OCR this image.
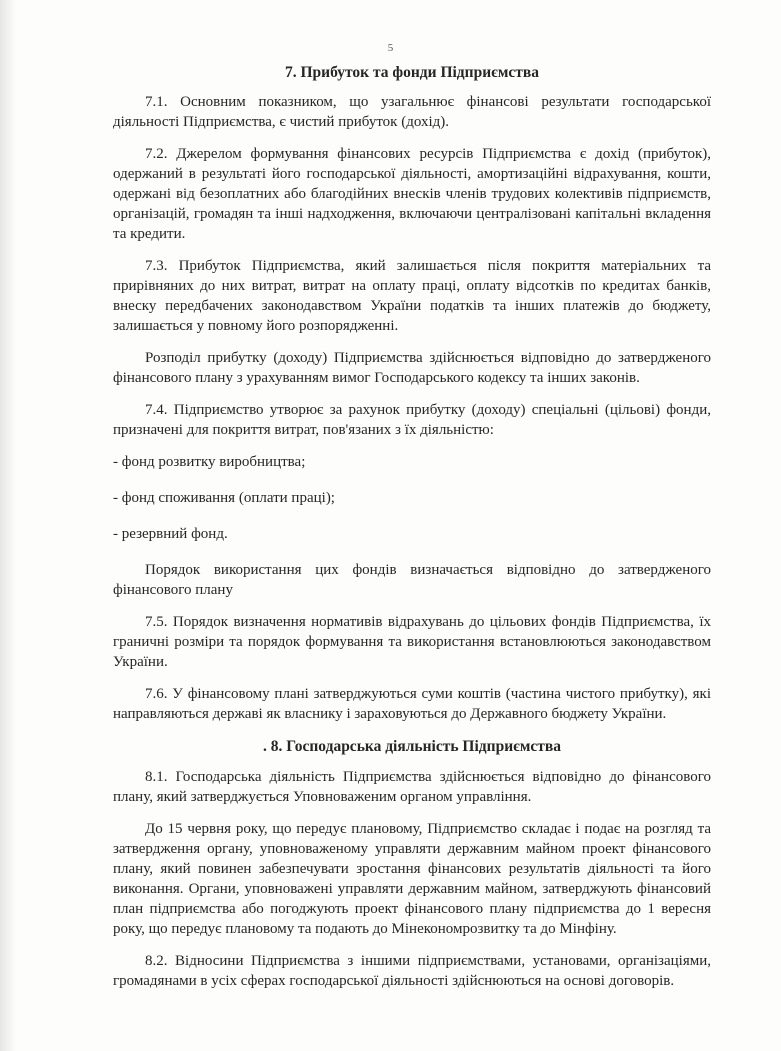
5
7. Прибуток та фонди Підприємства

7.1. Основним показником, що узагальнює фінансові результати господарської діяльності Підприємства, є чистий прибуток (дохід).

7.2. Джерелом формування фінансових ресурсів Підприємства є дохід (прибуток), одержаний в результаті його господарської діяльності, амортизаційні відрахування, кошти, одержані від безоплатних або благодійних внесків членів трудових колективів підприємств, організацій, громадян та інші надходження, включаючи централізовані капітальні вкладення та кредити.

7.3. Прибуток Підприємства, який залишається після покриття матеріальних та прирівняних до них витрат, витрат на оплату праці, оплату відсотків по кредитах банків, внеску передбачених законодавством України податків та інших платежів до бюджету, залишається у повному його розпорядженні.

Розподіл прибутку (доходу) Підприємства здійснюється відповідно до затвердженого фінансового плану з урахуванням вимог Господарського кодексу та інших законів.

7.4. Підприємство утворює за рахунок прибутку (доходу) спеціальні (цільові) фонди, призначені для покриття витрат, пов'язаних з їх діяльністю:

- фонд розвитку виробництва;
- фонд споживання (оплати праці);
- резервний фонд.

Порядок використання цих фондів визначається відповідно до затвердженого фінансового плану

7.5. Порядок визначення нормативів відрахувань до цільових фондів Підприємства, їх граничні розміри та порядок формування та використання встановлюються законодавством України.

7.6. У фінансовому плані затверджуються суми коштів (частина чистого прибутку), які направляються державі як власнику і зараховуються до Державного бюджету України.

. 8. Господарська діяльність Підприємства

8.1. Господарська діяльність Підприємства здійснюється відповідно до фінансового плану, який затверджується Уповноваженим органом управління.

До 15 червня року, що передує плановому, Підприємство складає і подає на розгляд та затвердження органу, уповноваженому управляти державним майном проект фінансового плану, який повинен забезпечувати зростання фінансових результатів діяльності та його виконання. Органи, уповноважені управляти державним майном, затверджують фінансовий план підприємства або погоджують проект фінансового плану підприємства до 1 вересня року, що передує плановому та подають до Мінекономрозвитку та до Мінфіну.

8.2. Відносини Підприємства з іншими підприємствами, установами, організаціями, громадянами в усіх сферах господарської діяльності здійснюються на основі договорів.
